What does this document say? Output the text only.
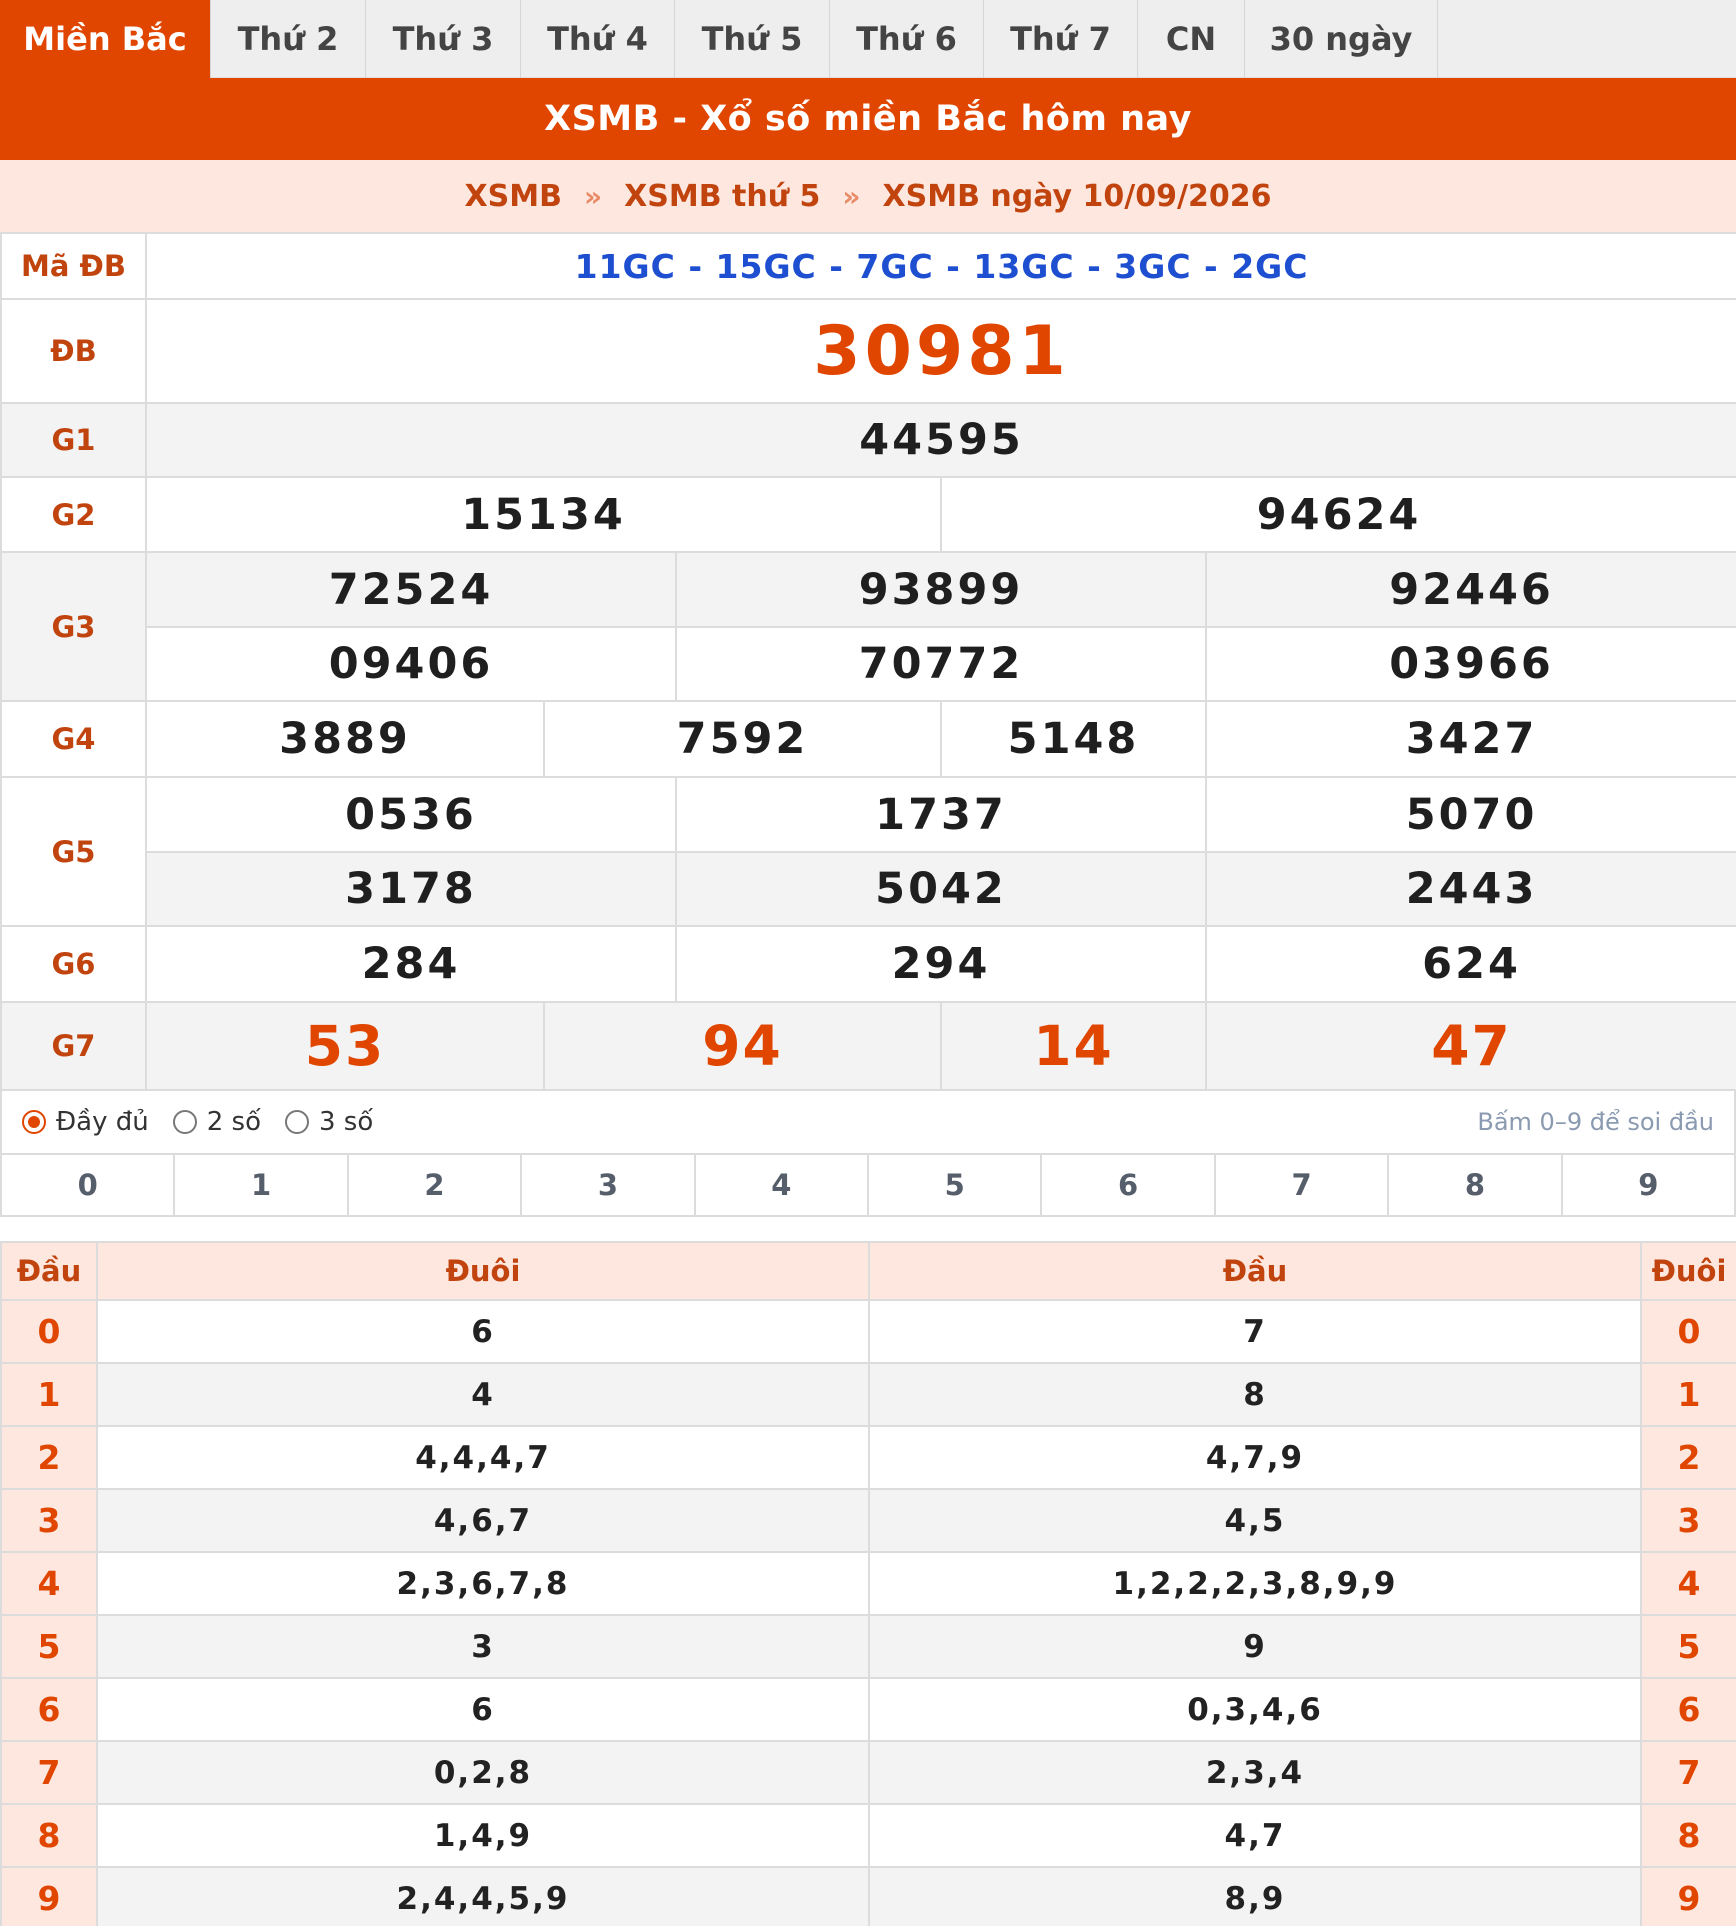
Miền Bắc	Thứ 2	Thứ 3	Thứ 4	Thứ 5	Thứ 6	Thứ 7	CN	30 ngày
XSMB - Xổ số miền Bắc hôm nay
XSMB » XSMB thứ 5 » XSMB ngày 10/09/2026
Mã ĐB	11GC - 15GC - 7GC - 13GC - 3GC - 2GC				
ĐB	30981				
G1	44595				
G2	15134			94624	
G3	72524		93899		92446
	09406		70772		03966
G4	3889	7592		5148	3427
G5	0536		1737		5070
	3178		5042		2443
G6	284		294		624
G7	53	94		14	47
Đầy đủ 2 số 3 số	Bấm 0–9 để soi đầu
0	1	2	3	4	5	6	7	8	9
Đầu	Đuôi	Đầu	Đuôi
0	6	7	0
1	4	8	1
2	4,4,4,7	4,7,9	2
3	4,6,7	4,5	3
4	2,3,6,7,8	1,2,2,2,3,8,9,9	4
5	3	9	5
6	6	0,3,4,6	6
7	0,2,8	2,3,4	7
8	1,4,9	4,7	8
9	2,4,4,5,9	8,9	9
